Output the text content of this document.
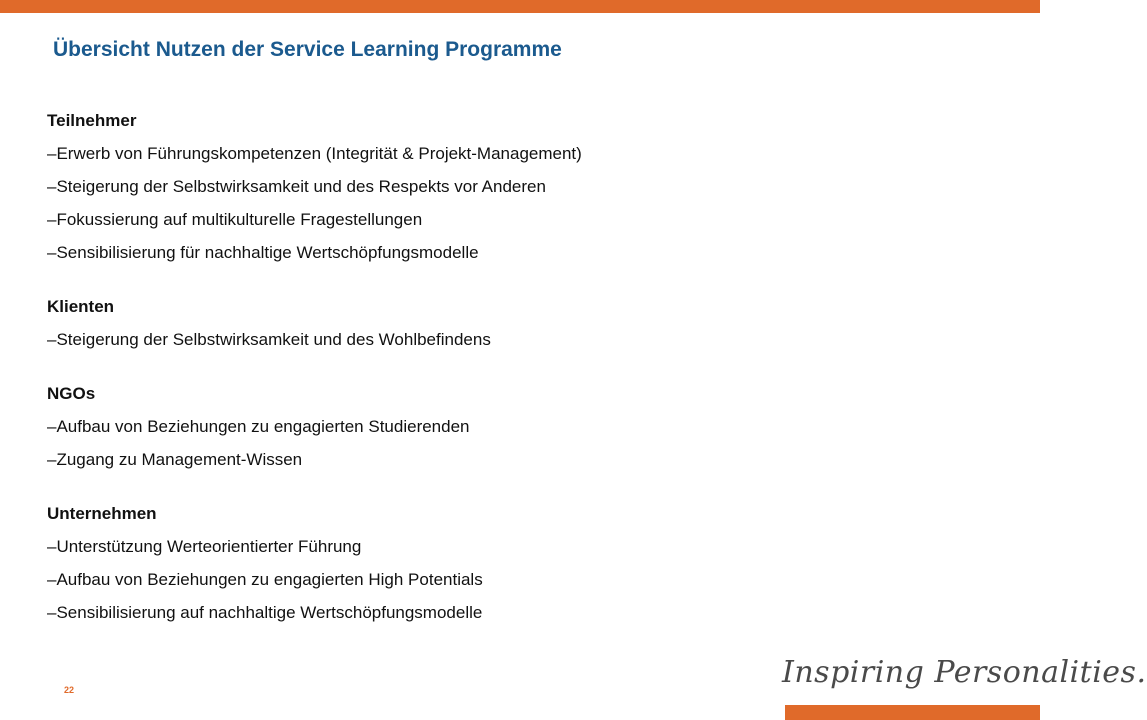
Übersicht Nutzen der Service Learning Programme
Teilnehmer
–Erwerb von Führungskompetenzen (Integrität & Projekt-Management)
–Steigerung der Selbstwirksamkeit und des Respekts vor Anderen
–Fokussierung auf multikulturelle Fragestellungen
–Sensibilisierung für nachhaltige Wertschöpfungsmodelle
Klienten
–Steigerung der Selbstwirksamkeit und des Wohlbefindens
NGOs
–Aufbau von Beziehungen zu engagierten Studierenden
–Zugang zu Management-Wissen
Unternehmen
–Unterstützung Werteorientierter Führung
–Aufbau von Beziehungen zu engagierten High Potentials
–Sensibilisierung auf nachhaltige Wertschöpfungsmodelle
22	Inspiring Personalities.
